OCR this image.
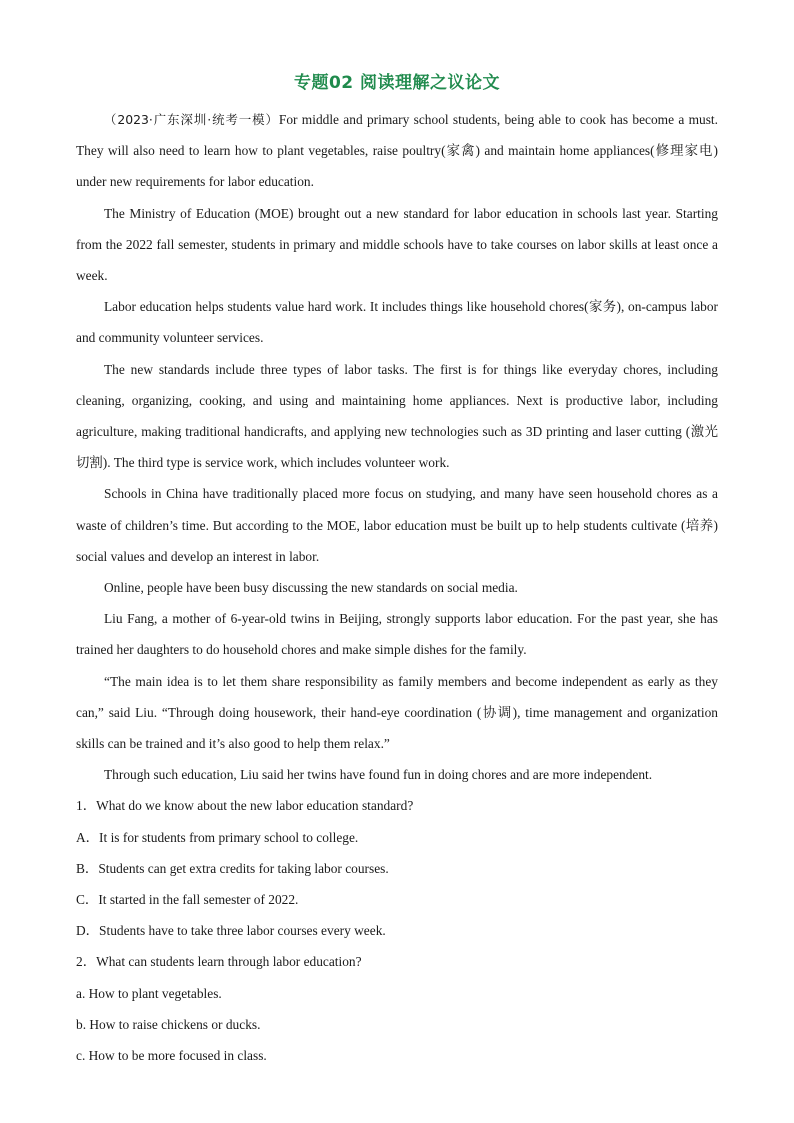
专题02 阅读理解之议论文

（2023·广东深圳·统考一模）For middle and primary school students, being able to cook has become a must. They will also need to learn how to plant vegetables, raise poultry(家禽) and maintain home appliances(修理家电) under new requirements for labor education.

The Ministry of Education (MOE) brought out a new standard for labor education in schools last year. Starting from the 2022 fall semester, students in primary and middle schools have to take courses on labor skills at least once a week.

Labor education helps students value hard work. It includes things like household chores(家务), on-campus labor and community volunteer services.

The new standards include three types of labor tasks. The first is for things like everyday chores, including cleaning, organizing, cooking, and using and maintaining home appliances. Next is productive labor, including agriculture, making traditional handicrafts, and applying new technologies such as 3D printing and laser cutting (激光切割). The third type is service work, which includes volunteer work.

Schools in China have traditionally placed more focus on studying, and many have seen household chores as a waste of children’s time. But according to the MOE, labor education must be built up to help students cultivate (培养) social values and develop an interest in labor.

Online, people have been busy discussing the new standards on social media.

Liu Fang, a mother of 6-year-old twins in Beijing, strongly supports labor education. For the past year, she has trained her daughters to do household chores and make simple dishes for the family.

“The main idea is to let them share responsibility as family members and become independent as early as they can,” said Liu. “Through doing housework, their hand-eye coordination (协调), time management and organization skills can be trained and it’s also good to help them relax.”

Through such education, Liu said her twins have found fun in doing chores and are more independent.

1．What do we know about the new labor education standard?

A．It is for students from primary school to college.

B．Students can get extra credits for taking labor courses.

C．It started in the fall semester of 2022.

D．Students have to take three labor courses every week.

2．What can students learn through labor education?

a. How to plant vegetables.

b. How to raise chickens or ducks.

c. How to be more focused in class.
